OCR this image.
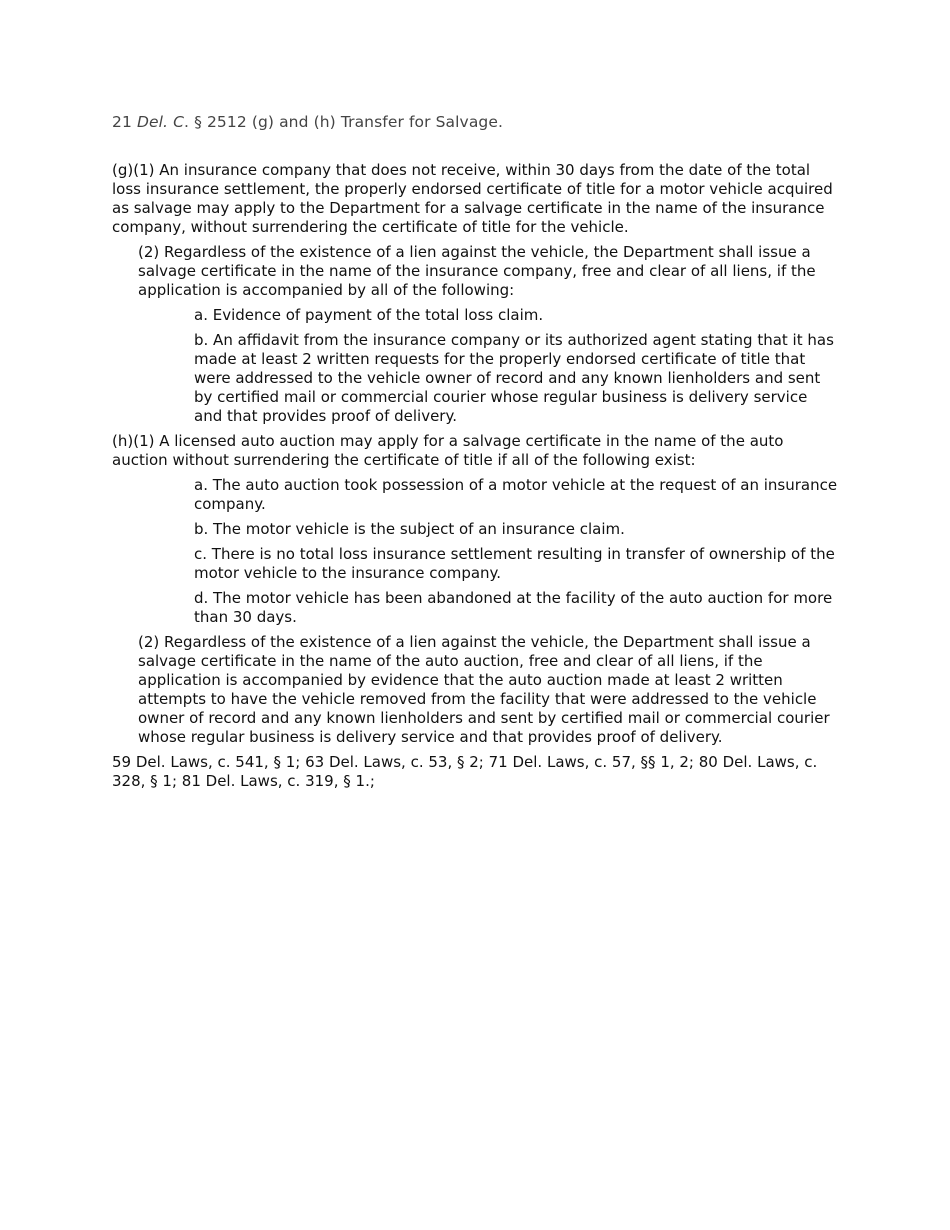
21 Del. C. § 2512 (g) and (h) Transfer for Salvage.
(g)(1) An insurance company that does not receive, within 30 days from the date of the total loss insurance settlement, the properly endorsed certificate of title for a motor vehicle acquired as salvage may apply to the Department for a salvage certificate in the name of the insurance company, without surrendering the certificate of title for the vehicle.
(2) Regardless of the existence of a lien against the vehicle, the Department shall issue a salvage certificate in the name of the insurance company, free and clear of all liens, if the application is accompanied by all of the following:
a. Evidence of payment of the total loss claim.
b. An affidavit from the insurance company or its authorized agent stating that it has made at least 2 written requests for the properly endorsed certificate of title that were addressed to the vehicle owner of record and any known lienholders and sent by certified mail or commercial courier whose regular business is delivery service and that provides proof of delivery.
(h)(1) A licensed auto auction may apply for a salvage certificate in the name of the auto auction without surrendering the certificate of title if all of the following exist:
a. The auto auction took possession of a motor vehicle at the request of an insurance company.
b. The motor vehicle is the subject of an insurance claim.
c. There is no total loss insurance settlement resulting in transfer of ownership of the motor vehicle to the insurance company.
d. The motor vehicle has been abandoned at the facility of the auto auction for more than 30 days.
(2) Regardless of the existence of a lien against the vehicle, the Department shall issue a salvage certificate in the name of the auto auction, free and clear of all liens, if the application is accompanied by evidence that the auto auction made at least 2 written attempts to have the vehicle removed from the facility that were addressed to the vehicle owner of record and any known lienholders and sent by certified mail or commercial courier whose regular business is delivery service and that provides proof of delivery.
59 Del. Laws, c. 541, § 1; 63 Del. Laws, c. 53, § 2; 71 Del. Laws, c. 57, §§ 1, 2; 80 Del. Laws, c. 328, § 1; 81 Del. Laws, c. 319, § 1.;
